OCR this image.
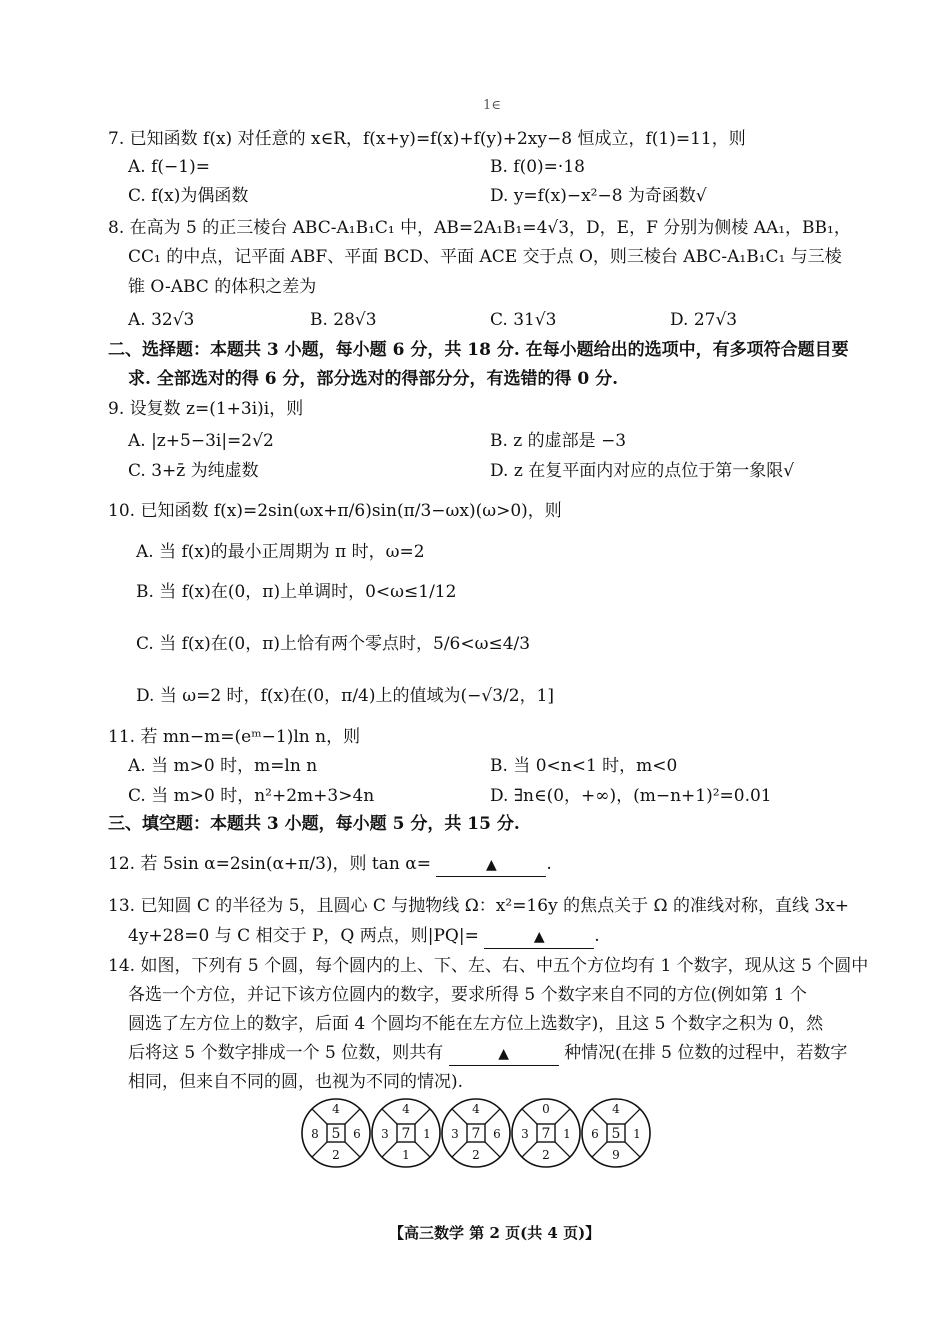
1∈
7. 已知函数 f(x) 对任意的 x∈R，f(x+y)=f(x)+f(y)+2xy−8 恒成立，f(1)=11，则
A. f(−1)=	B. f(0)=·18
C. f(x)为偶函数	D. y=f(x)−x²−8 为奇函数√
8. 在高为 5 的正三棱台 ABC-A₁B₁C₁ 中，AB=2A₁B₁=4√3，D，E，F 分别为侧棱 AA₁，BB₁，
CC₁ 的中点，记平面 ABF、平面 BCD、平面 ACE 交于点 O，则三棱台 ABC-A₁B₁C₁ 与三棱
锥 O-ABC 的体积之差为
A. 32√3	B. 28√3	C. 31√3	D. 27√3
二、选择题：本题共 3 小题，每小题 6 分，共 18 分. 在每小题给出的选项中，有多项符合题目要
求. 全部选对的得 6 分，部分选对的得部分分，有选错的得 0 分.
9. 设复数 z=(1+3i)i，则
A. |z+5−3i|=2√2	B. z 的虚部是 −3
C. 3+z̄ 为纯虚数	D. z 在复平面内对应的点位于第一象限√
10. 已知函数 f(x)=2sin(ωx+π/6)sin(π/3−ωx)(ω>0)，则
A. 当 f(x)的最小正周期为 π 时，ω=2
B. 当 f(x)在(0，π)上单调时，0<ω≤1/12
C. 当 f(x)在(0，π)上恰有两个零点时，5/6<ω≤4/3
D. 当 ω=2 时，f(x)在(0，π/4)上的值域为(−√3/2，1]
11. 若 mn−m=(eᵐ−1)ln n，则
A. 当 m>0 时，m=ln n	B. 当 0<n<1 时，m<0
C. 当 m>0 时，n²+2m+3>4n	D. ∃n∈(0，+∞)，(m−n+1)²=0.01
三、填空题：本题共 3 小题，每小题 5 分，共 15 分.
12. 若 5sin α=2sin(α+π/3)，则 tan α=	▲	.
13. 已知圆 C 的半径为 5，且圆心 C 与抛物线 Ω：x²=16y 的焦点关于 Ω 的准线对称，直线 3x+
4y+28=0 与 C 相交于 P，Q 两点，则|PQ|=	▲	.
14. 如图，下列有 5 个圆，每个圆内的上、下、左、右、中五个方位均有 1 个数字，现从这 5 个圆中
各选一个方位，并记下该方位圆内的数字，要求所得 5 个数字来自不同的方位(例如第 1 个
圆选了左方位上的数字，后面 4 个圆均不能在左方位上选数字)，且这 5 个数字之积为 0，然
后将这 5 个数字排成一个 5 位数，则共有	▲	种情况(在排 5 位数的过程中，若数字
相同，但来自不同的圆，也视为不同的情况).
4
2
8	6
5
4
1
3	1
7
4
2
3	6
7
0
2
3	1
7
4
9
6	1
5
【高三数学 第 2 页(共 4 页)】
